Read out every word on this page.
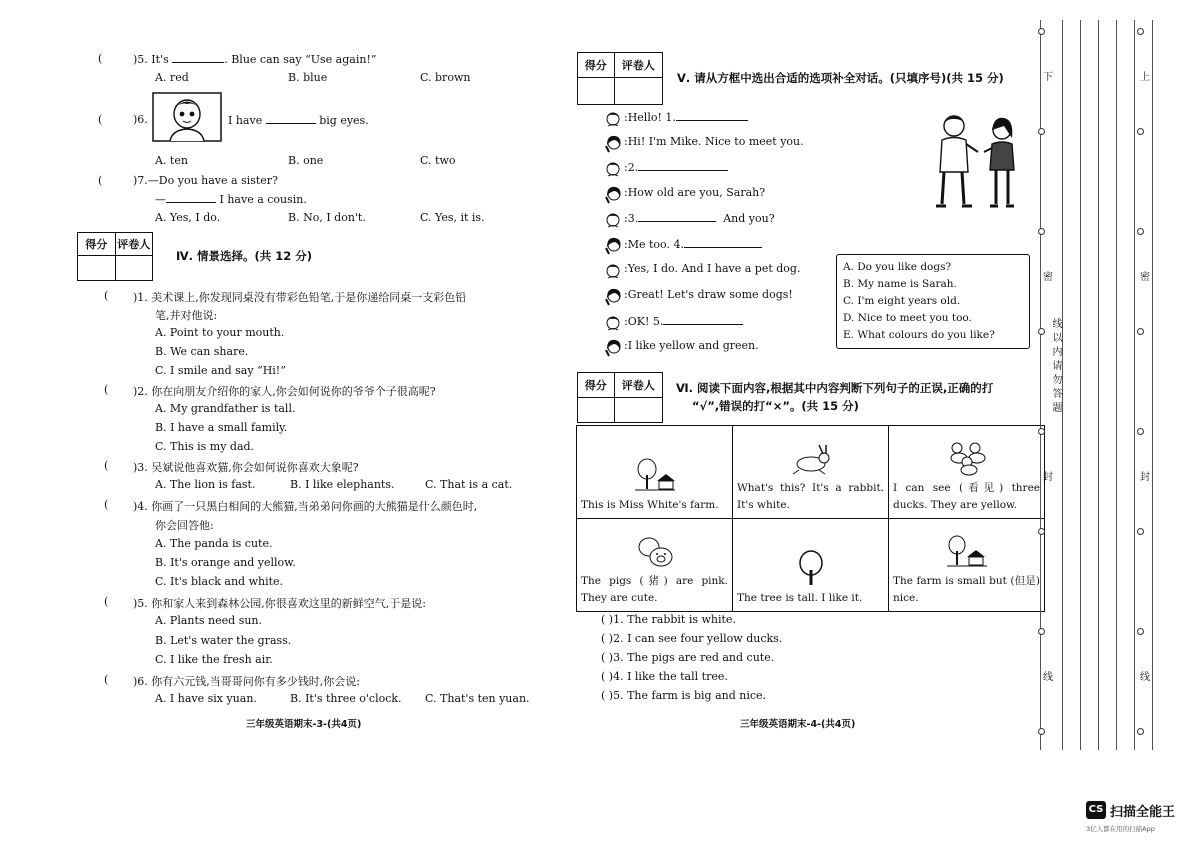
(	)5. It's	. Blue can say “Use again!”
A. red	B. blue	C. brown
(	)6.	I have	big eyes.
A. ten	B. one	C. two
(	)7.—Do you have a sister?
—	I have a cousin.
A. Yes, I do.	B. No, I don't.	C. Yes, it is.
得分 评卷人
Ⅳ. 情景选择。(共 12 分)
( )1. 美术课上,你发现同桌没有带彩色铅笔,于是你递给同桌一支彩色铅
笔,并对他说:
A. Point to your mouth.
B. We can share.
C. I smile and say “Hi!”
( )2. 你在向朋友介绍你的家人,你会如何说你的爷爷个子很高呢?
A. My grandfather is tall.
B. I have a small family.
C. This is my dad.
( )3. 吴斌说他喜欢猫,你会如何说你喜欢大象呢?
A. The lion is fast.	B. I like elephants.	C. That is a cat.
( )4. 你画了一只黑白相间的大熊猫,当弟弟问你画的大熊猫是什么颜色时,
你会回答他:
A. The panda is cute.
B. It's orange and yellow.
C. It's black and white.
( )5. 你和家人来到森林公园,你很喜欢这里的新鲜空气,于是说:
A. Plants need sun.
B. Let's water the grass.
C. I like the fresh air.
( )6. 你有六元钱,当哥哥问你有多少钱时,你会说:
A. I have six yuan.	B. It's three o'clock. C. That's ten yuan.
三年级英语期末-3-(共4页)
得分	评卷人
Ⅴ. 请从方框中选出合适的选项补全对话。(只填序号)(共 15 分)
:Hello! 1.
:Hi! I'm Mike. Nice to meet you.
:2.
:How old are you, Sarah?
:3.	And you?
:Me too. 4.
:Yes, I do. And I have a pet dog.
:Great! Let's draw some dogs!
:OK! 5.
:I like yellow and green.
A. Do you like dogs?
B. My name is Sarah.
C. I'm eight years old.
D. Nice to meet you too.
E. What colours do you like?
得分	评卷人	Ⅵ. 阅读下面内容,根据其中内容判断下列句子的正误,正确的打
“√”,错误的打“×”。(共 15 分)
This is Miss White's farm.	What's this? It's a rabbit. It's white.	I can see (看见) three ducks. They are yellow.

The pigs (猪) are pink. They are cute.	The tree is tall. I like it.	The farm is small but (但是) nice.
( )1. The rabbit is white.
( )2. I can see four yellow ducks.
( )3. The pigs are red and cute.
( )4. I like the tall tree.
( )5. The farm is big and nice.
三年级英语期末-4-(共4页)
下
密
封
线
上
密
封
线
线以内请勿答题
CS 扫描全能王
3亿人都在用的扫描App
